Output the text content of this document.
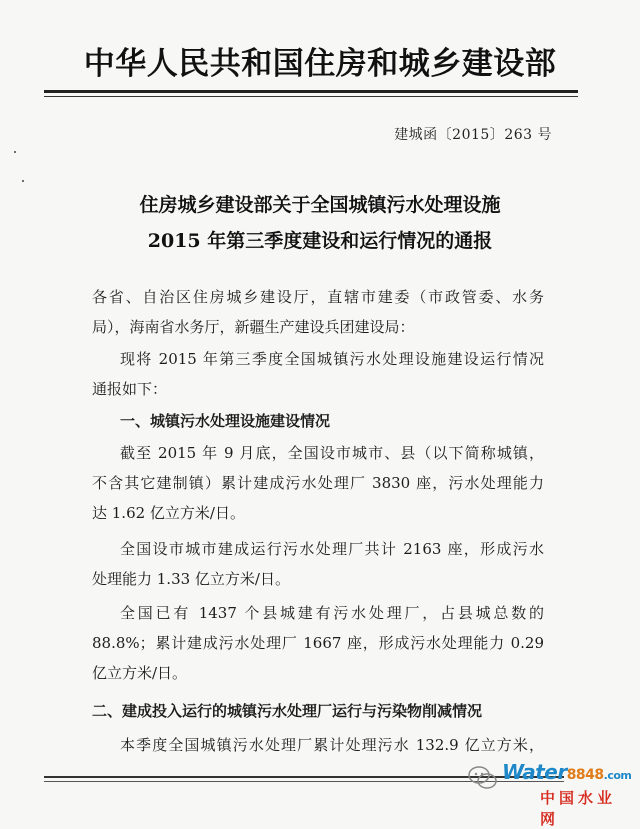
中华人民共和国住房和城乡建设部
建城函〔2015〕263 号
住房城乡建设部关于全国城镇污水处理设施
2015 年第三季度建设和运行情况的通报
各省、自治区住房城乡建设厅，直辖市建委（市政管委、水务
局），海南省水务厅，新疆生产建设兵团建设局：
现将 2015 年第三季度全国城镇污水处理设施建设运行情况
通报如下：
一、城镇污水处理设施建设情况
截至 2015 年 9 月底，全国设市城市、县（以下简称城镇，
不含其它建制镇）累计建成污水处理厂 3830 座，污水处理能力
达 1.62 亿立方米/日。
全国设市城市建成运行污水处理厂共计 2163 座，形成污水
处理能力 1.33 亿立方米/日。
全国已有 1437 个县城建有污水处理厂，占县城总数的
88.8%；累计建成污水处理厂 1667 座，形成污水处理能力 0.29
亿立方米/日。
二、建成投入运行的城镇污水处理厂运行与污染物削减情况
本季度全国城镇污水处理厂累计处理污水 132.9 亿立方米，
Water8848.com
中国水业网
